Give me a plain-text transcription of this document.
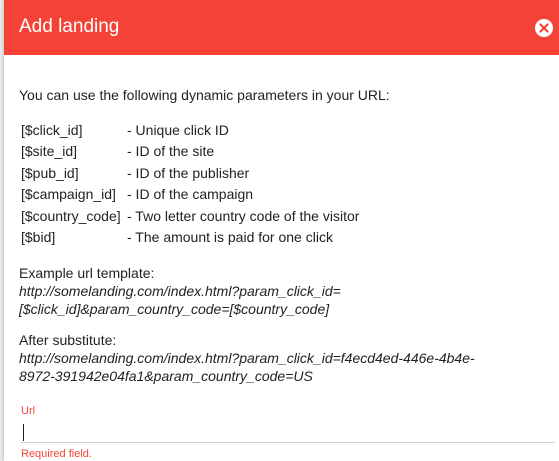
Add landing
You can use the following dynamic parameters in your URL:
[$click_id]	- Unique click ID
[$site_id]	- ID of the site
[$pub_id]	- ID of the publisher
[$campaign_id]	- ID of the campaign
[$country_code]	- Two letter country code of the visitor
[$bid]	- The amount is paid for one click
Example url template:
http://somelanding.com/index.html?param_click_id=[$click_id]&param_country_code=[$country_code]
After substitute:
http://somelanding.com/index.html?param_click_id=f4ecd4ed-446e-4b4e-8972-391942e04fa1&param_country_code=US
Url
Required field.
